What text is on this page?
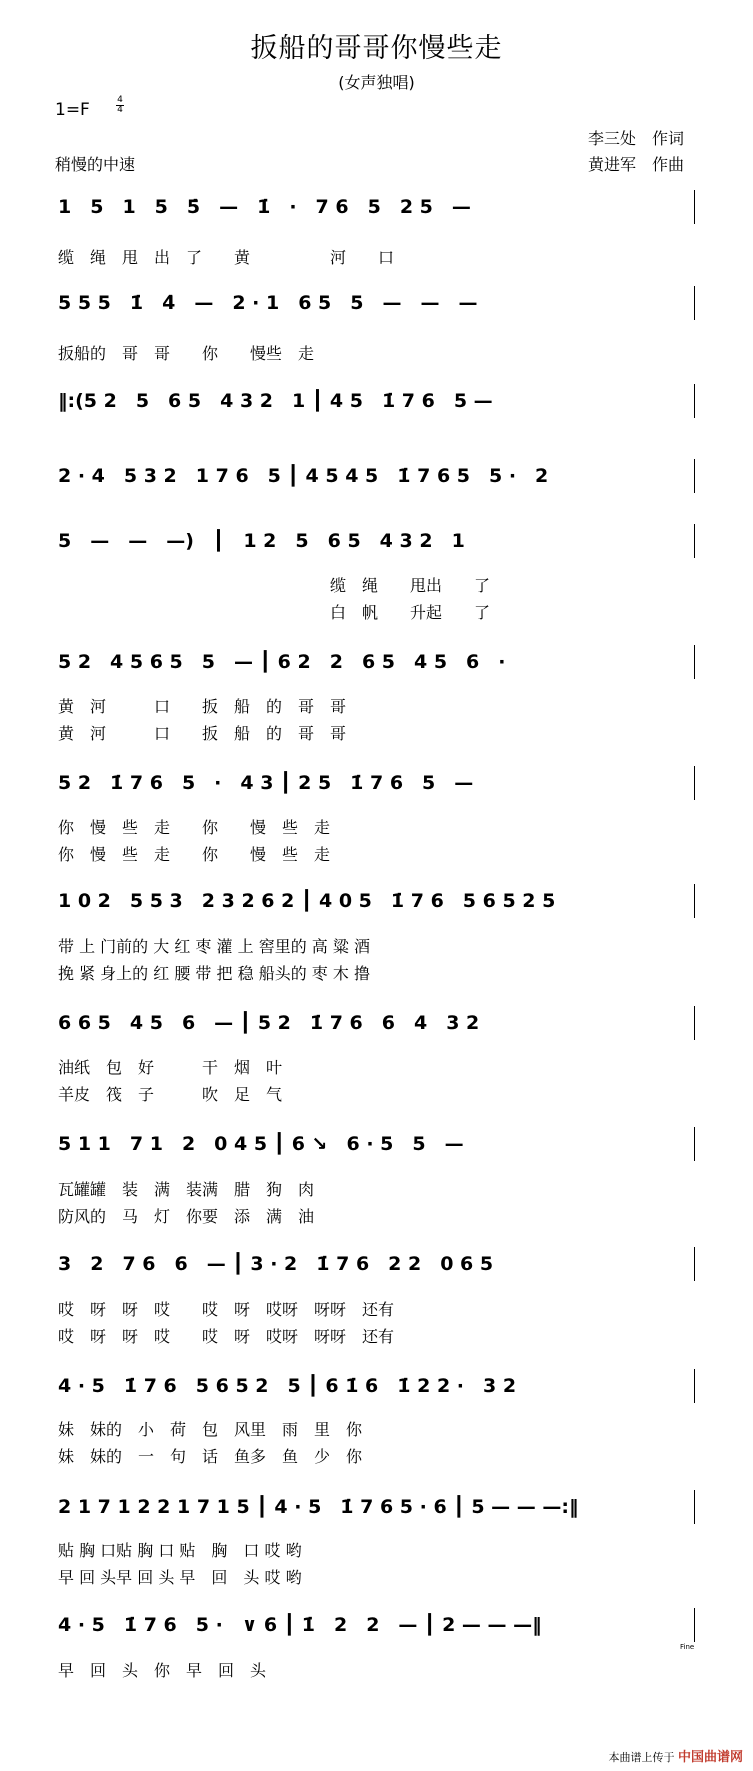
扳船的哥哥你慢些走
(女声独唱)
1=F	4
4
李三处　作词
黄进军　作曲
稍慢的中速
1　5　1　5　5̇　—　1̇　·　7 6　5　2 5　—
缆　绳　甩　出　了　　黄　　　　　河　　口
5 5 5　1̇　4̇　—　2 · 1　6 5　5　—　—　—
扳船的　哥　哥　　你　　慢些　走
‖:(5 2　5　6 5　4 3 2　1 ┃ 4 5　1̇ 7 6　5 —
2 · 4　5 3 2　1 7 6　5 ┃ 4 5 4 5　1̇ 7 6 5　5 ·　2
5　—　—　—)　┃　1 2　5　6 5　4 3 2　1
缆　绳　　甩出　　了
白　帆　　升起　　了
5 2　4 5 6 5　5　— ┃ 6 2　2　6 5　4 5　6　·
黄　河　　　口　　扳　船　的　哥　哥
黄　河　　　口　　扳　船　的　哥　哥
5 2　1̇ 7 6　5　·　4 3 ┃ 2 5　1̇ 7 6　5　—
你　慢　些　走　　你　　慢　些　走
你　慢　些　走　　你　　慢　些　走
1 0 2　5 5 3　2 3 2 6 2 ┃ 4 0 5　1̇ 7 6　5 6 5 2 5
带 上 门前的 大 红 枣 灌 上 窖里的 高 粱 酒
挽 紧 身上的 红 腰 带 把 稳 船头的 枣 木 撸
6 6 5　4 5　6　— ┃ 5 2　1̇ 7 6　6　4　3 2
油纸　包　好　　　干　烟　叶
羊皮　筏　子　　　吹　足　气
5 1 1　7 1　2　0 4 5 ┃ 6 ↘　6 · 5　5　—
瓦罐罐　装　满　装满　腊　狗　肉
防风的　马　灯　你要　添　满　油
3　2　7 6　6　— ┃ 3 · 2　1̇ 7 6　2 2　0 6 5
哎　呀　呀　哎　　哎　呀　哎呀　呀呀　还有
哎　呀　呀　哎　　哎　呀　哎呀　呀呀　还有
4 · 5　1̇ 7 6　5 6 5 2　5 ┃ 6 1̇ 6　1̇ 2 2 ·　3 2
妹　妹的　小　荷　包　风里　雨　里　你
妹　妹的　一　句　话　鱼多　鱼　少　你
2 1 7 1 2 2 1 7 1 5 ┃ 4 · 5　1̇ 7 6 5 · 6 ┃ 5 — — —:‖
贴 胸 口贴 胸 口 贴　胸　口 哎 哟
早 回 头早 回 头 早　回　头 哎 哟
4 · 5　1̇ 7 6　5 ·　∨ 6 ┃ 1̇　2　2　— ┃ 2 — — —‖
早　回　头　你　早　回　头
Fine
本曲谱上传于 中国曲谱网
